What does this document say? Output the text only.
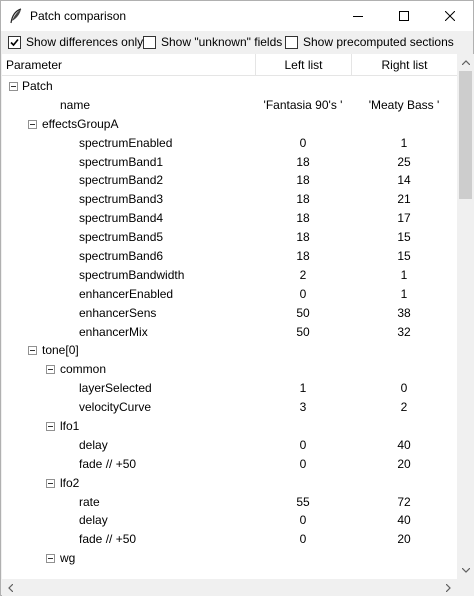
Patch comparison
Show differences only Show "unknown" fields Show precomputed sections
Parameter	Left list	Right list
Patch
name	'Fantasia 90's '	'Meaty Bass '
effectsGroupA
spectrumEnabled	0	1
spectrumBand1	18	25
spectrumBand2	18	14
spectrumBand3	18	21
spectrumBand4	18	17
spectrumBand5	18	15
spectrumBand6	18	15
spectrumBandwidth	2	1
enhancerEnabled	0	1
enhancerSens	50	38
enhancerMix	50	32
tone[0]
common
layerSelected	1	0
velocityCurve	3	2
lfo1
delay	0	40
fade // +50	0	20
lfo2
rate	55	72
delay	0	40
fade // +50	0	20
wg
